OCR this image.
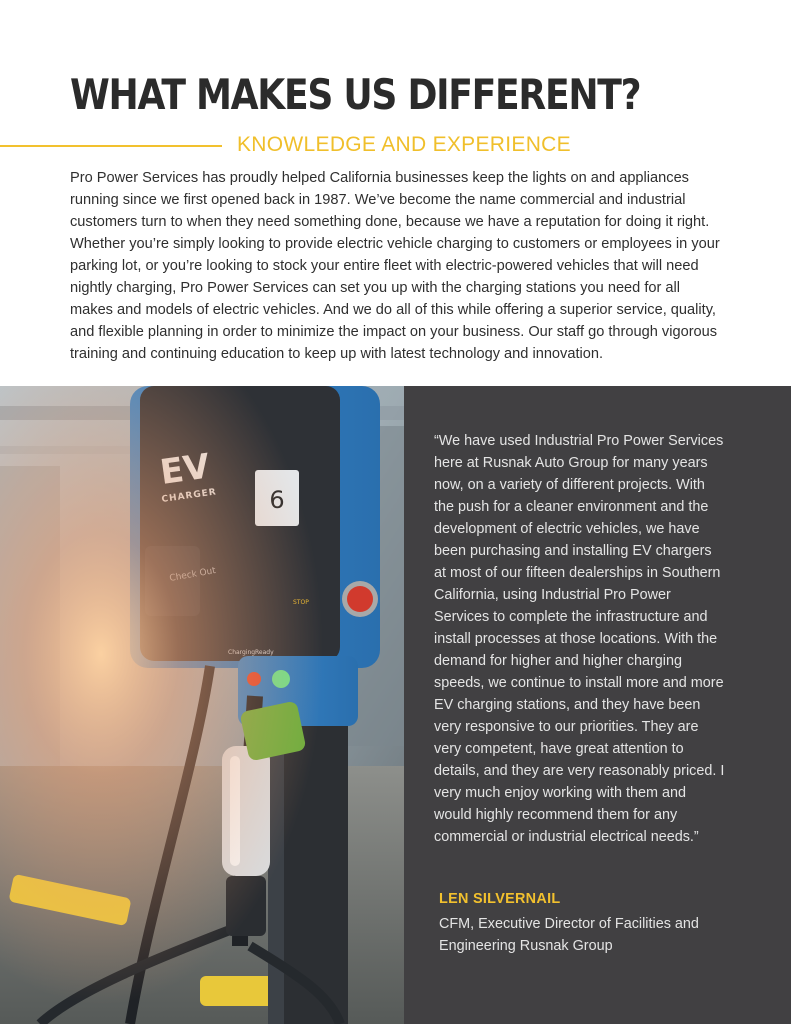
WHAT MAKES US DIFFERENT?
KNOWLEDGE AND EXPERIENCE

Pro Power Services has proudly helped California businesses keep the lights on and appliances running since we first opened back in 1987. We’ve become the name commercial and industrial customers turn to when they need something done, because we have a reputation for doing it right. Whether you’re simply looking to provide electric vehicle charging to customers or employees in your parking lot, or you’re looking to stock your entire fleet with electric-powered vehicles that will need nightly charging, Pro Power Services can set you up with the charging stations you need for all makes and models of electric vehicles. And we do all of this while offering a superior service, quality, and flexible planning in order to minimize the impact on your business. Our staff go through vigorous training and continuing education to keep up with latest technology and innovation.

“We have used Industrial Pro Power Services here at Rusnak Auto Group for many years now, on a variety of different projects. With the push for a cleaner environment and the development of electric vehicles, we have been purchasing and installing EV chargers at most of our fifteen dealerships in Southern California, using Industrial Pro Power Services to complete the infrastructure and install processes at those locations. With the demand for higher and higher charging speeds, we continue to install more and more EV charging stations, and they have been very responsive to our priorities. They are very competent, have great attention to details, and they are very reasonably priced. I very much enjoy working with them and would highly recommend them for any commercial or industrial electrical needs.”

LEN SILVERNAIL

CFM, Executive Director of Facilities and Engineering Rusnak Group
